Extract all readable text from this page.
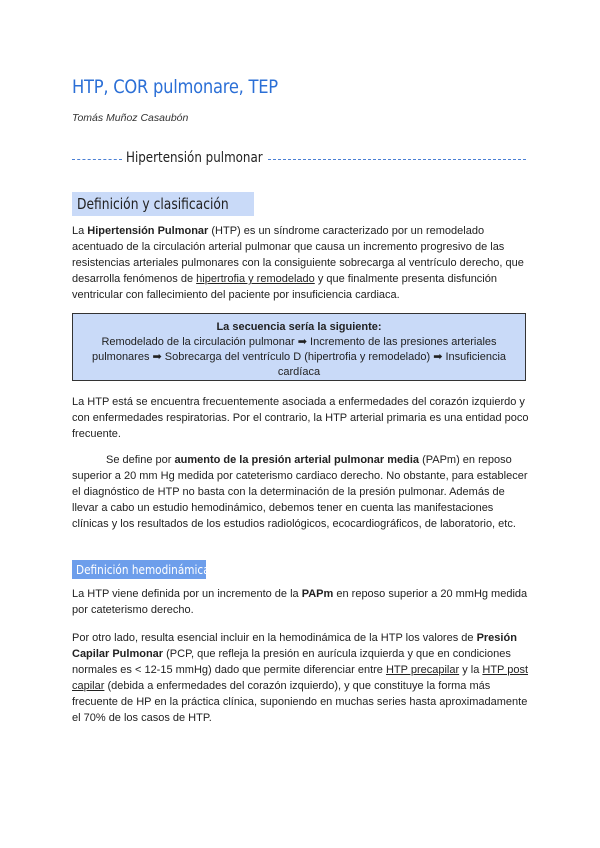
HTP, COR pulmonare, TEP
Tomás Muñoz Casaubón
Hipertensión pulmonar
Definición y clasificación
La Hipertensión Pulmonar (HTP) es un síndrome caracterizado por un remodelado acentuado de la circulación arterial pulmonar que causa un incremento progresivo de las resistencias arteriales pulmonares con la consiguiente sobrecarga al ventrículo derecho, que desarrolla fenómenos de hipertrofia y remodelado y que finalmente presenta disfunción ventricular con fallecimiento del paciente por insuficiencia cardiaca.
La secuencia sería la siguiente:
Remodelado de la circulación pulmonar ➡ Incremento de las presiones arteriales pulmonares ➡ Sobrecarga del ventrículo D (hipertrofia y remodelado) ➡ Insuficiencia cardíaca
La HTP está se encuentra frecuentemente asociada a enfermedades del corazón izquierdo y con enfermedades respiratorias. Por el contrario, la HTP arterial primaria es una entidad poco frecuente.
Se define por aumento de la presión arterial pulmonar media (PAPm) en reposo superior a 20 mm Hg medida por cateterismo cardiaco derecho. No obstante, para establecer el diagnóstico de HTP no basta con la determinación de la presión pulmonar. Además de llevar a cabo un estudio hemodinámico, debemos tener en cuenta las manifestaciones clínicas y los resultados de los estudios radiológicos, ecocardiográficos, de laboratorio, etc.
Definición hemodinámica
La HTP viene definida por un incremento de la PAPm en reposo superior a 20 mmHg medida por cateterismo derecho.
Por otro lado, resulta esencial incluir en la hemodinámica de la HTP los valores de Presión Capilar Pulmonar (PCP, que refleja la presión en aurícula izquierda y que en condiciones normales es < 12-15 mmHg) dado que permite diferenciar entre HTP precapilar y la HTP post capilar (debida a enfermedades del corazón izquierdo), y que constituye la forma más frecuente de HP en la práctica clínica, suponiendo en muchas series hasta aproximadamente el 70% de los casos de HTP.
